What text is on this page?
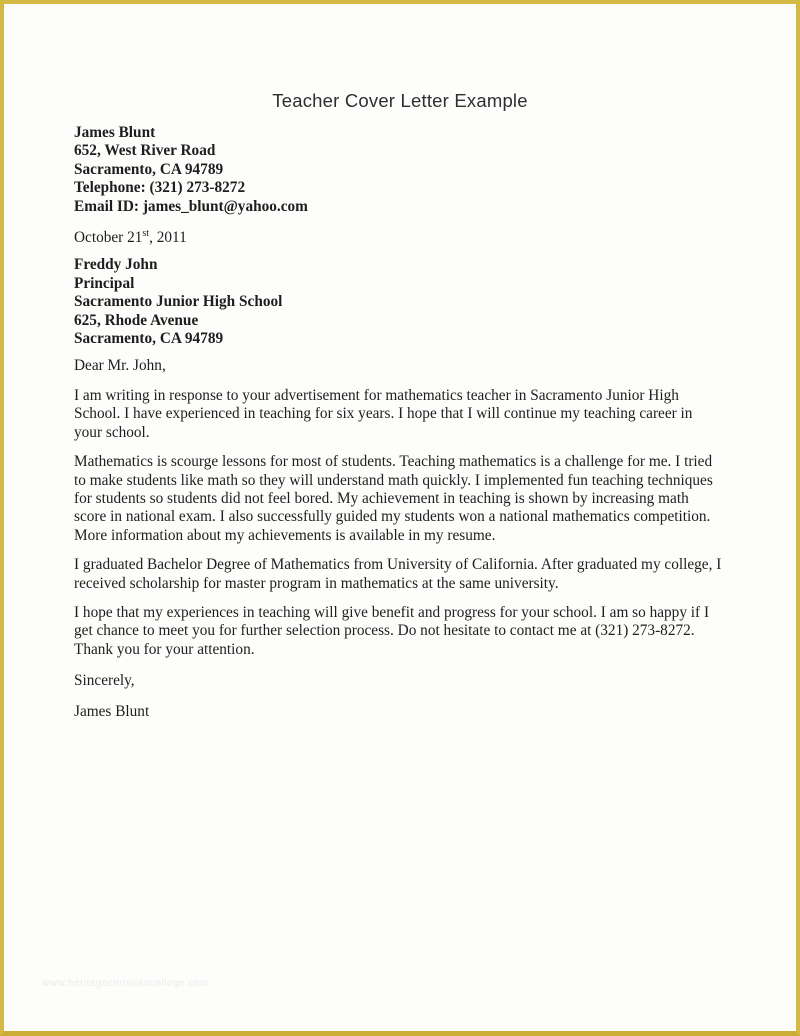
Teacher Cover Letter Example
James Blunt
652, West River Road
Sacramento, CA 94789
Telephone: (321) 273-8272
Email ID: james_blunt@yahoo.com
October 21st, 2011
Freddy John
Principal
Sacramento Junior High School
625, Rhode Avenue
Sacramento, CA 94789

Dear Mr. John,

I am writing in response to your advertisement for mathematics teacher in Sacramento Junior High School. I have experienced in teaching for six years. I hope that I will continue my teaching career in your school.

Mathematics is scourge lessons for most of students. Teaching mathematics is a challenge for me. I tried to make students like math so they will understand math quickly. I implemented fun teaching techniques for students so students did not feel bored. My achievement in teaching is shown by increasing math score in national exam. I also successfully guided my students won a national mathematics competition. More information about my achievements is available in my resume.

I graduated Bachelor Degree of Mathematics from University of California. After graduated my college, I received scholarship for master program in mathematics at the same university.

I hope that my experiences in teaching will give benefit and progress for your school. I am so happy if I get chance to meet you for further selection process. Do not hesitate to contact me at (321) 273-8272. Thank you for your attention.

Sincerely,

James Blunt

www.heritagechristiancollege.com
